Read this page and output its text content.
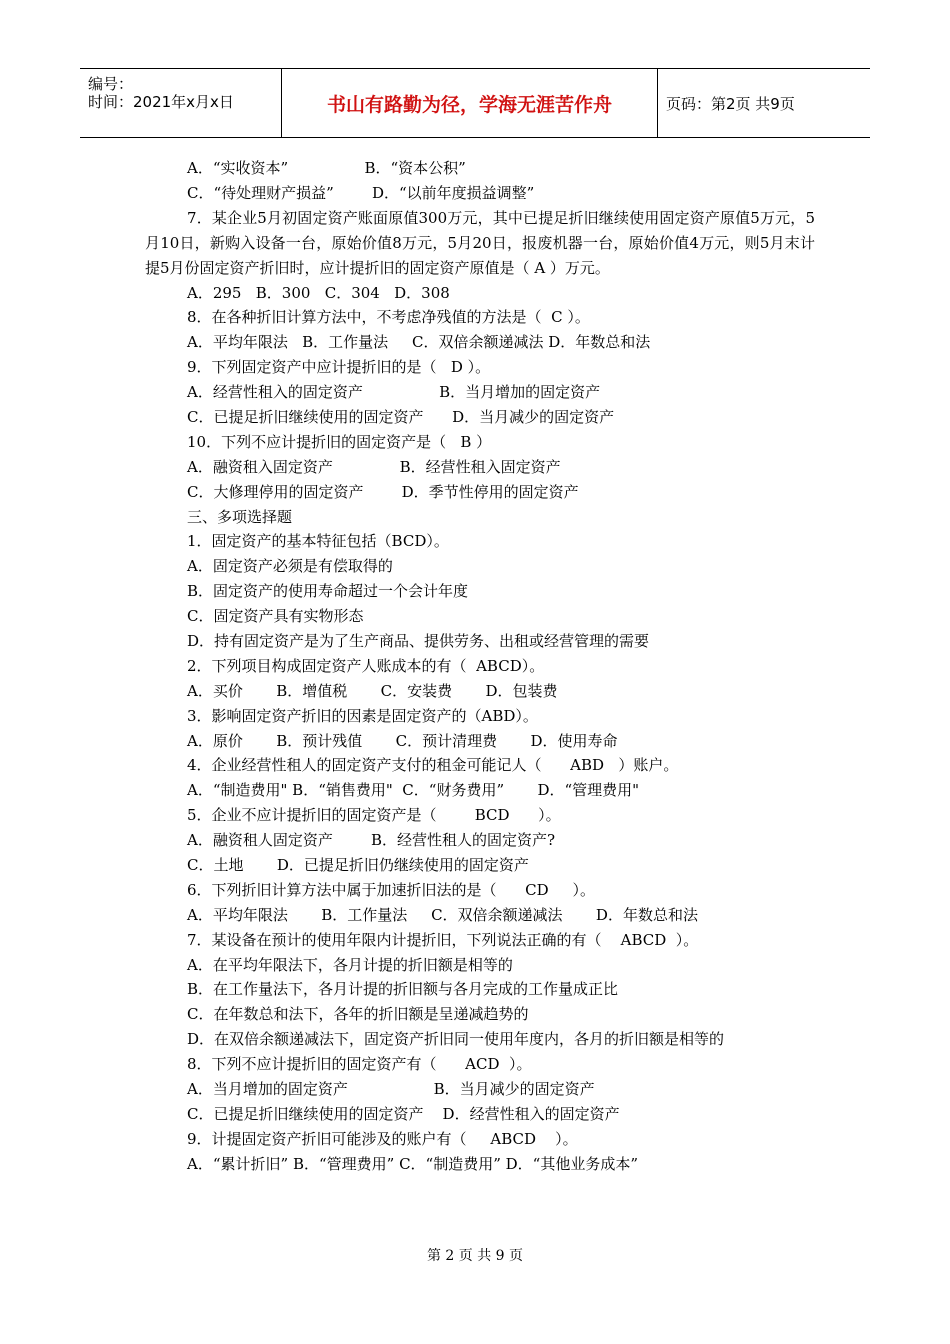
编号：
时间：2021年x月x日	书山有路勤为径，学海无涯苦作舟	页码：第2页 共9页
A．“实收资本”                B．“资本公积”
C．“待处理财产损益”        D．“以前年度损益调整”
7．某企业5月初固定资产账面原值300万元，其中已提足折旧继续使用固定资产原值5万元，5月10日，新购入设备一台，原始价值8万元，5月20日，报废机器一台，原始价值4万元，则5月末计提5月份固定资产折旧时，应计提折旧的固定资产原值是（ A ）万元。
A．295   B．300   C．304   D．308
8．在各种折旧计算方法中，不考虑净残值的方法是（  C ）。
A．平均年限法   B．工作量法     C．双倍余额递减法 D．年数总和法
9．下列固定资产中应计提折旧的是（   D ）。
A．经营性租入的固定资产                B．当月增加的固定资产
C．已提足折旧继续使用的固定资产      D．当月减少的固定资产
10．下列不应计提折旧的固定资产是（   B ）
A．融资租入固定资产              B．经营性租入固定资产
C．大修理停用的固定资产        D．季节性停用的固定资产
三、多项选择题
1．固定资产的基本特征包括（BCD）。
A．固定资产必须是有偿取得的
B．固定资产的使用寿命超过一个会计年度
C．固定资产具有实物形态
D．持有固定资产是为了生产商品、提供劳务、出租或经营管理的需要
2．下列项目构成固定资产人账成本的有（  ABCD）。
A．买价       B．增值税       C．安装费       D．包装费
3．影响固定资产折旧的因素是固定资产的（ABD）。
A．原价       B．预计残值       C．预计清理费       D．使用寿命
4．企业经营性租人的固定资产支付的租金可能记人（      ABD   ）账户。
A．“制造费用" B．“销售费用"  C．“财务费用”       D．“管理费用"
5．企业不应计提折旧的固定资产是（        BCD      ）。
A．融资租人固定资产        B．经营性租人的固定资产?
C．土地       D．已提足折旧仍继续使用的固定资产
6．下列折旧计算方法中属于加速折旧法的是（      CD     ）。
A．平均年限法       B．工作量法     C．双倍余额递减法       D．年数总和法
7．某设备在预计的使用年限内计提折旧，下列说法正确的有（    ABCD  ）。
A．在平均年限法下，各月计提的折旧额是相等的
B．在工作量法下，各月计提的折旧额与各月完成的工作量成正比
C．在年数总和法下，各年的折旧额是呈递减趋势的
D．在双倍余额递减法下，固定资产折旧同一使用年度内，各月的折旧额是相等的
8．下列不应计提折旧的固定资产有（      ACD  ）。
A．当月增加的固定资产                  B．当月减少的固定资产
C．已提足折旧继续使用的固定资产    D．经营性租入的固定资产
9．计提固定资产折旧可能涉及的账户有（     ABCD    ）。
A．“累计折旧” B．“管理费用” C．“制造费用” D．“其他业务成本”
第 2 页 共 9 页
